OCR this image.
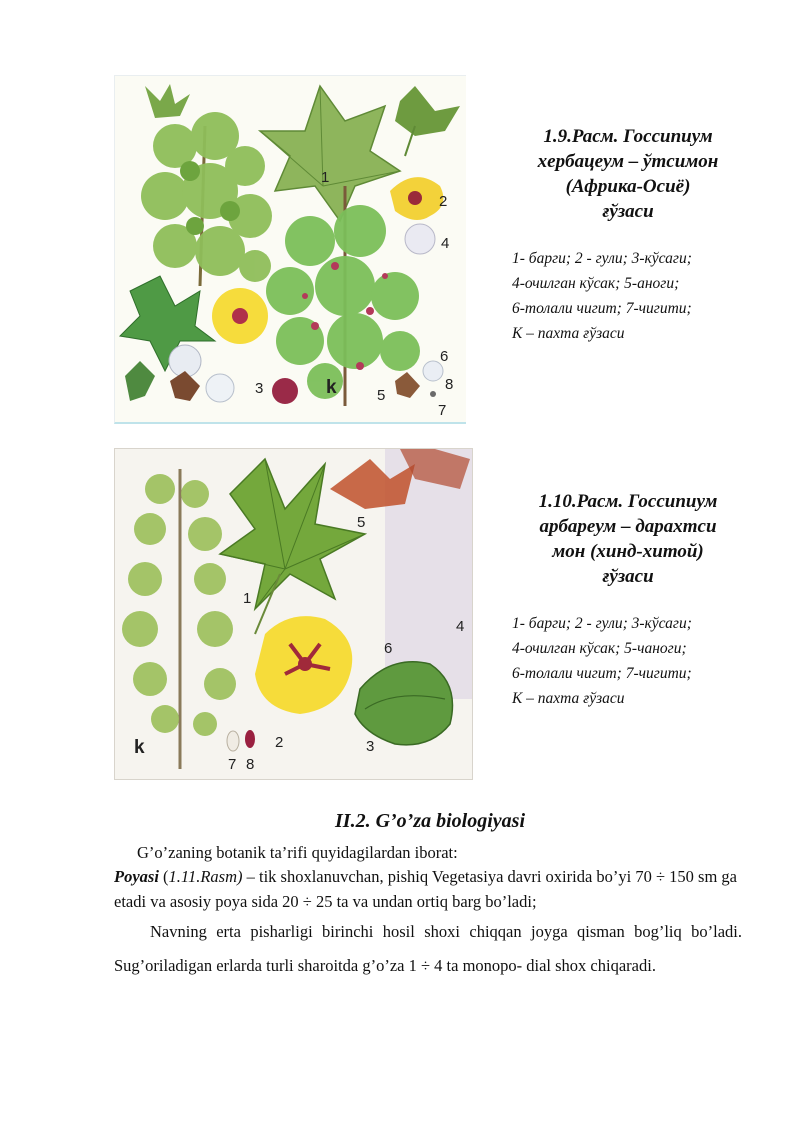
1
2
4
6
8
7
5
k
3
1.9.Расм. Госсипиум
хербацеум – ўтсимон
(Африка-Осиё)
ғўзаси
1- барги; 2 - гули; 3-кўсаги;
4-очилган кўсак; 5-аноги;
6-толали чигит; 7-чигити;
К – пахта ғўзаси
5
1
4
6
2	3
k
7 8
1.10.Расм. Госсипиум
арбареум – дарахтси
мон (хинд-хитой)
ғўзаси
1- барги; 2 - гули; 3-кўсаги;
4-очилган кўсак; 5-чаноги;
6-толали чигит; 7-чигити;
К – пахта ғўзаси
II.2. G’o’za biologiyasi
G’o’zaning botanik ta’rifi quyidagilardan iborat:
Poyasi (1.11.Rasm) – tik shoxlanuvchan, pishiq Vegetasiya davri oxirida bo’yi 70 ÷ 150 sm ga etadi va asosiy poya sida 20 ÷ 25 ta va undan ortiq barg bo’ladi;
Navning erta pisharligi birinchi hosil shoxi chiqqan joyga qisman bog’liq bo’ladi. Sug’oriladigan erlarda turli sharoitda g’o’za 1 ÷ 4 ta monopo- dial shox chiqaradi.
